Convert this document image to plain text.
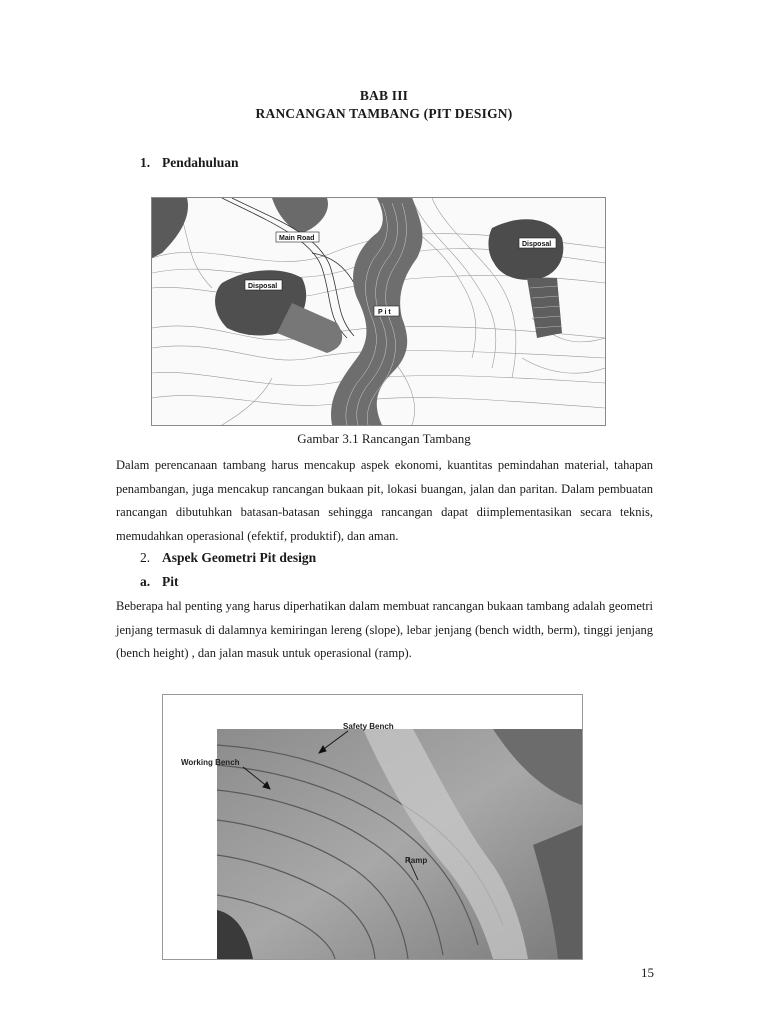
BAB III
RANCANGAN TAMBANG (PIT DESIGN)
1. Pendahuluan
Main Road
Disposal
Disposal
P i t
Gambar 3.1 Rancangan Tambang

Dalam perencanaan tambang harus mencakup aspek ekonomi, kuantitas pemindahan material, tahapan penambangan, juga mencakup rancangan bukaan pit, lokasi buangan, jalan dan paritan. Dalam pembuatan rancangan dibutuhkan batasan-batasan sehingga rancangan dapat diimplementasikan secara teknis, memudahkan operasional (efektif, produktif), dan aman.

2. Aspek Geometri Pit design
a. Pit

Beberapa hal penting yang harus diperhatikan dalam membuat rancangan bukaan tambang adalah geometri jenjang termasuk di dalamnya kemiringan lereng (slope), lebar jenjang (bench width, berm), tinggi jenjang (bench height) , dan jalan masuk untuk operasional (ramp).

Safety Bench
Working Bench
Ramp
15
